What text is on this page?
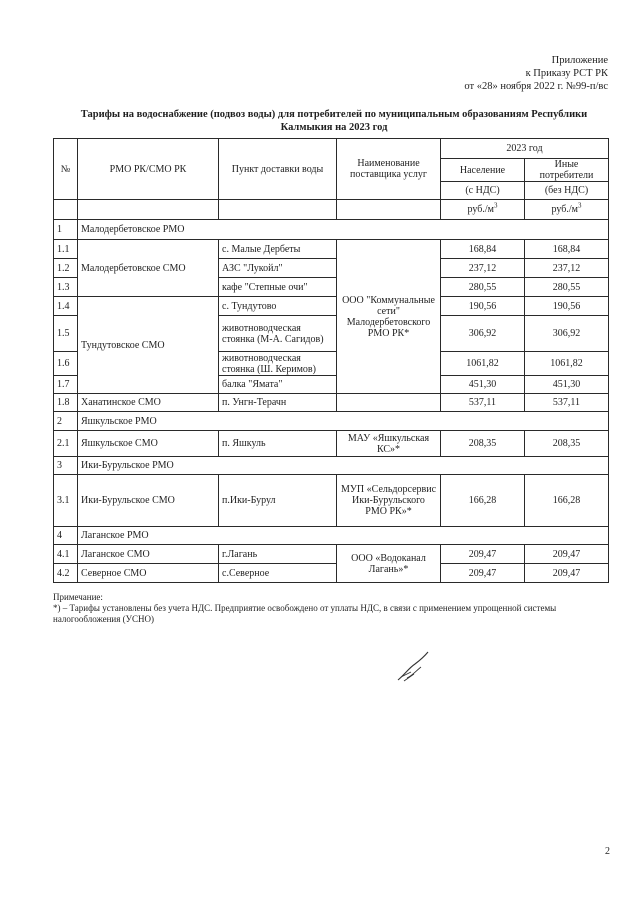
Приложение
к Приказу РСТ РК
от «28» ноября 2022 г. №99-п/вс
Тарифы на водоснабжение (подвоз воды) для потребителей по муниципальным образованиям Республики Калмыкия на 2023 год
№	РМО РК/СМО РК	Пункт доставки воды	Наименование поставщика услуг	2023 год	
				Население	Иные потребители
				(с НДС)	(без НДС)
				$руб./м^3$	$руб./м^3$
1	Малодербетовское РМО				
1.1	Малодербетовское СМО	с. Малые Дербеты	ООО "Коммунальные сети" Малодербетовского РМО РК*	168,84	168,84
1.2		АЗС "Лукойл"		237,12	237,12
1.3		кафе "Степные очи"		280,55	280,55
1.4	Тундутовское СМО	с. Тундутово		190,56	190,56
1.5		животноводческая стоянка (М-А. Сагидов)		306,92	306,92
1.6		животноводческая стоянка (Ш. Керимов)		1061,82	1061,82
1.7		балка "Ямата"		451,30	451,30
1.8	Ханатинское СМО	п. Унгн-Терачн		537,11	537,11
2	Яшкульское РМО				
2.1	Яшкульское СМО	п. Яшкуль	МАУ «Яшкульская КС»*	208,35	208,35
3	Ики-Бурульское РМО				
3.1	Ики-Бурульское СМО	п.Ики-Бурул	МУП «Сельдорсервис Ики-Бурульского РМО РК»*	166,28	166,28
4	Лаганское РМО				
4.1	Лаганское СМО	г.Лагань	ООО «Водоканал Лагань»*	209,47	209,47
4.2	Северное СМО	с.Северное		209,47	209,47
Примечание:
*) – Тарифы установлены без учета НДС. Предприятие освобождено от уплаты НДС, в связи с применением упрощенной системы налогообложения (УСНО)
2
